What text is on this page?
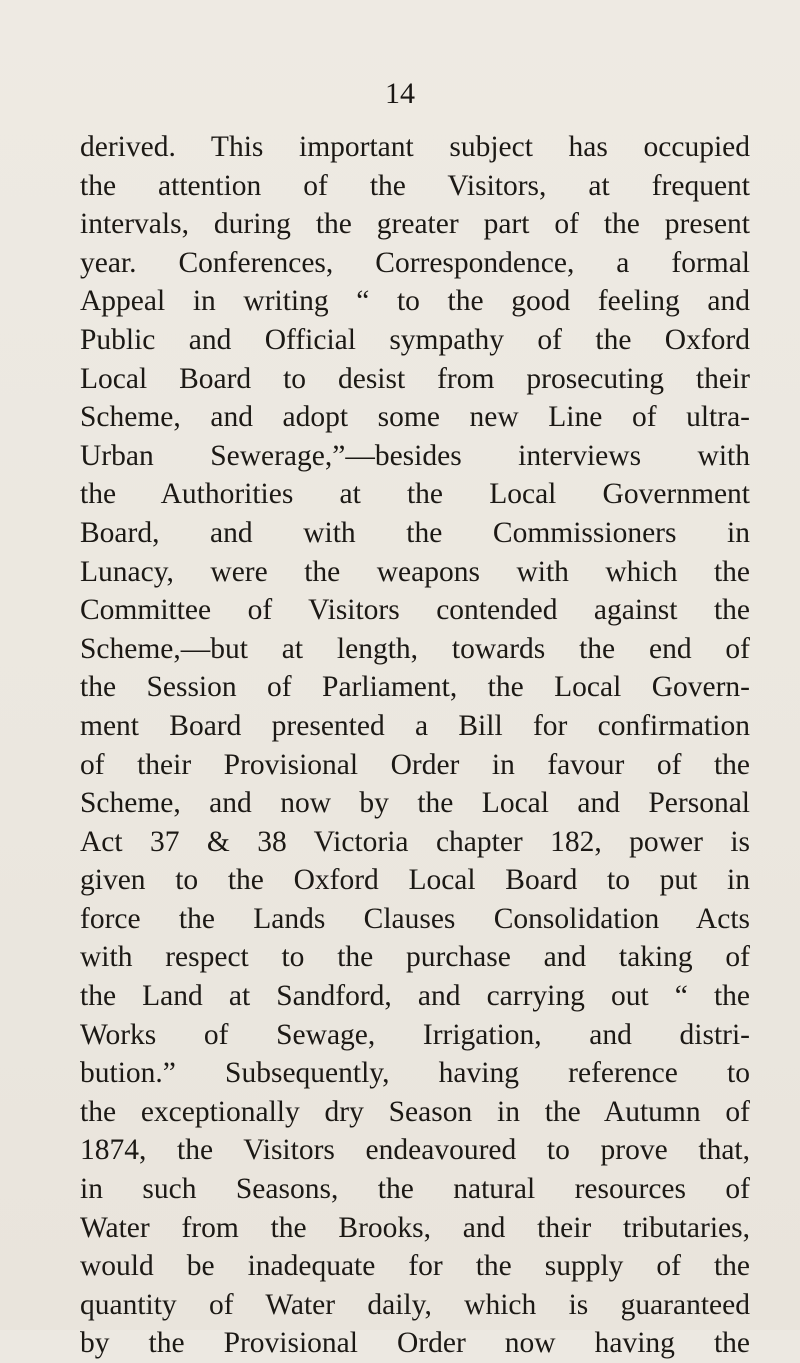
14
derived. This important subject has occupied
the attention of the Visitors, at frequent
intervals, during the greater part of the present
year. Conferences, Correspondence, a formal
Appeal in writing “ to the good feeling and
Public and Official sympathy of the Oxford
Local Board to desist from prosecuting their
Scheme, and adopt some new Line of ultra-
Urban Sewerage,”—besides interviews with
the Authorities at the Local Government
Board, and with the Commissioners in
Lunacy, were the weapons with which the
Committee of Visitors contended against the
Scheme,—but at length, towards the end of
the Session of Parliament, the Local Govern-
ment Board presented a Bill for confirmation
of their Provisional Order in favour of the
Scheme, and now by the Local and Personal
Act 37 & 38 Victoria chapter 182, power is
given to the Oxford Local Board to put in
force the Lands Clauses Consolidation Acts
with respect to the purchase and taking of
the Land at Sandford, and carrying out “ the
Works of Sewage, Irrigation, and distri-
bution.” Subsequently, having reference to
the exceptionally dry Season in the Autumn of
1874, the Visitors endeavoured to prove that,
in such Seasons, the natural resources of
Water from the Brooks, and their tributaries,
would be inadequate for the supply of the
quantity of Water daily, which is guaranteed
by the Provisional Order now having the
